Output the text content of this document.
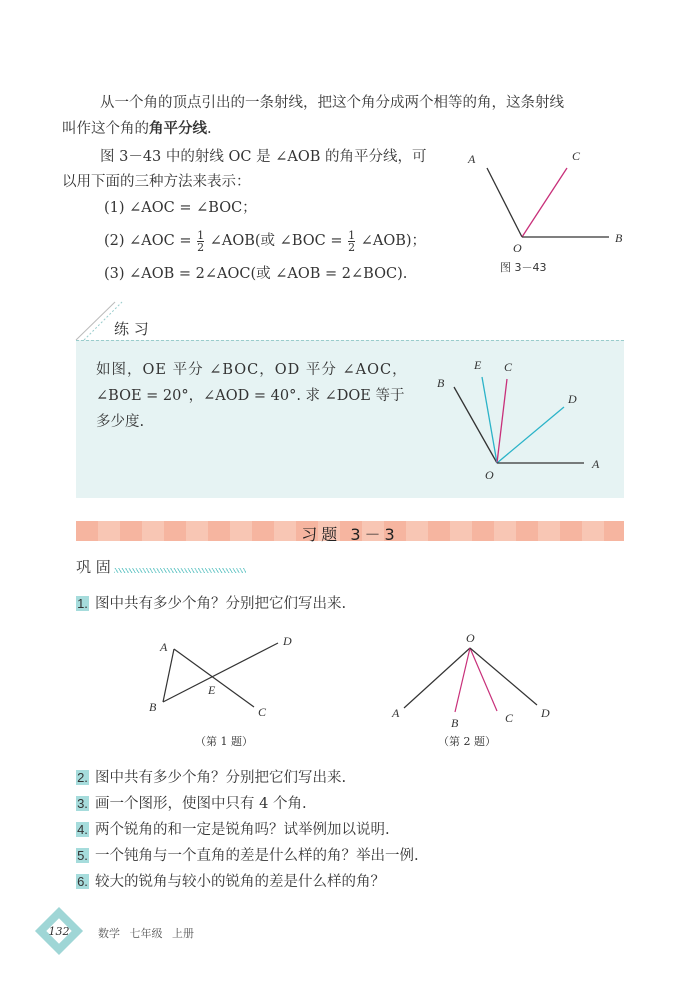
从一个角的顶点引出的一条射线，把这个角分成两个相等的角，这条射线
叫作这个角的角平分线.
图 3－43 中的射线 OC 是 ∠AOB 的角平分线，可
以用下面的三种方法来表示：
(1) ∠AOC = ∠BOC；
(2) ∠AOC = $\frac{1}{2}$ ∠AOB(或 ∠BOC = $\frac{1}{2}$ ∠AOB)；
(3) ∠AOB = 2∠AOC(或 ∠AOB = 2∠BOC).
A	C
B
O
图 3－43
练 习
如图，OE 平分 ∠BOC，OD 平分 ∠AOC，
∠BOE = 20°，∠AOD = 40°. 求 ∠DOE 等于
多少度.
B
E C
D
A
O
习题 3－3
巩 固
1. 图中共有多少个角？分别把它们写出来.
A	D
B	C
E
O
A
B	C D
（第 1 题）	（第 2 题）
2. 图中共有多少个角？分别把它们写出来.
3. 画一个图形，使图中只有 4 个角.
4. 两个锐角的和一定是锐角吗？试举例加以说明.
5. 一个钝角与一个直角的差是什么样的角？举出一例.
6. 较大的锐角与较小的锐角的差是什么样的角？
132	数学 七年级 上册
